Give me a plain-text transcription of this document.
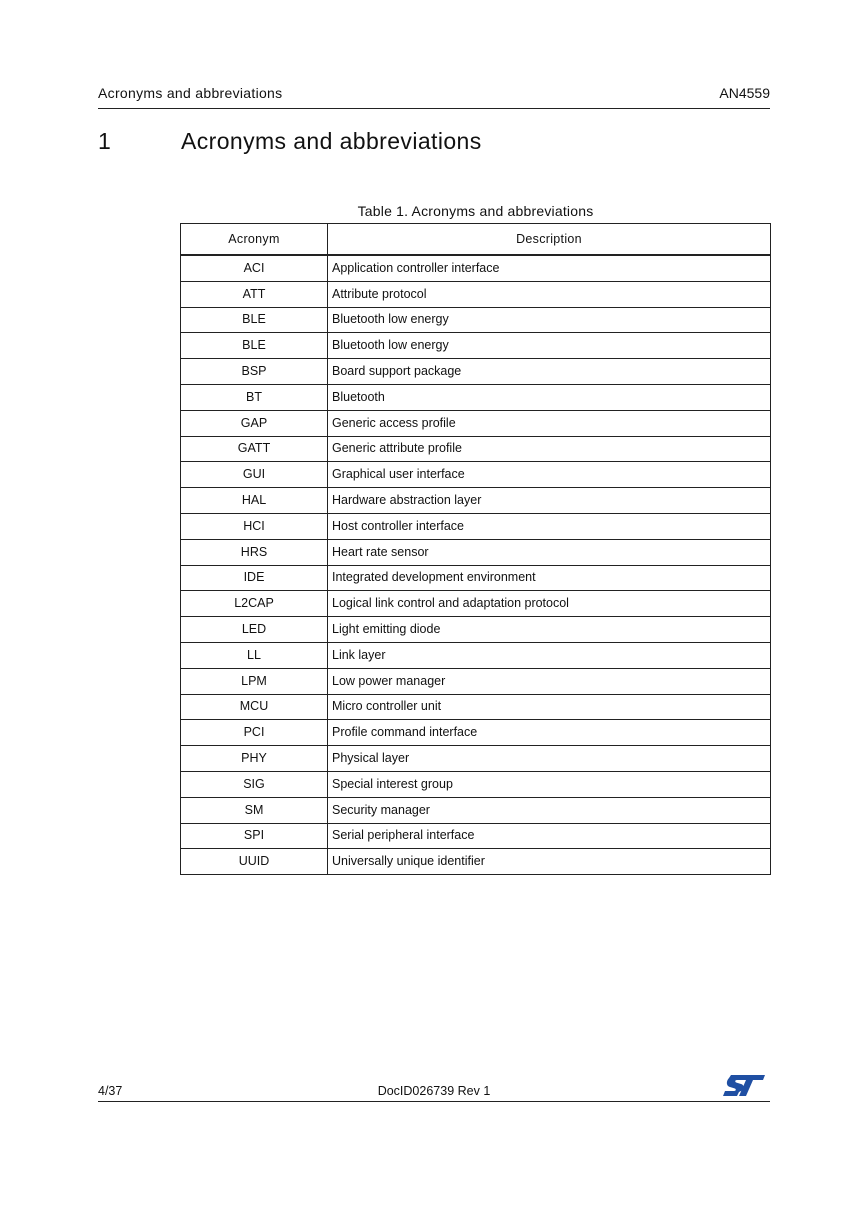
Acronyms and abbreviations	AN4559
1	Acronyms and abbreviations
Table 1. Acronyms and abbreviations
Acronym	Description
ACI	Application controller interface
ATT	Attribute protocol
BLE	Bluetooth low energy
BLE	Bluetooth low energy
BSP	Board support package
BT	Bluetooth
GAP	Generic access profile
GATT	Generic attribute profile
GUI	Graphical user interface
HAL	Hardware abstraction layer
HCI	Host controller interface
HRS	Heart rate sensor
IDE	Integrated development environment
L2CAP	Logical link control and adaptation protocol
LED	Light emitting diode
LL	Link layer
LPM	Low power manager
MCU	Micro controller unit
PCI	Profile command interface
PHY	Physical layer
SIG	Special interest group
SM	Security manager
SPI	Serial peripheral interface
UUID	Universally unique identifier
4/37	DocID026739 Rev 1
